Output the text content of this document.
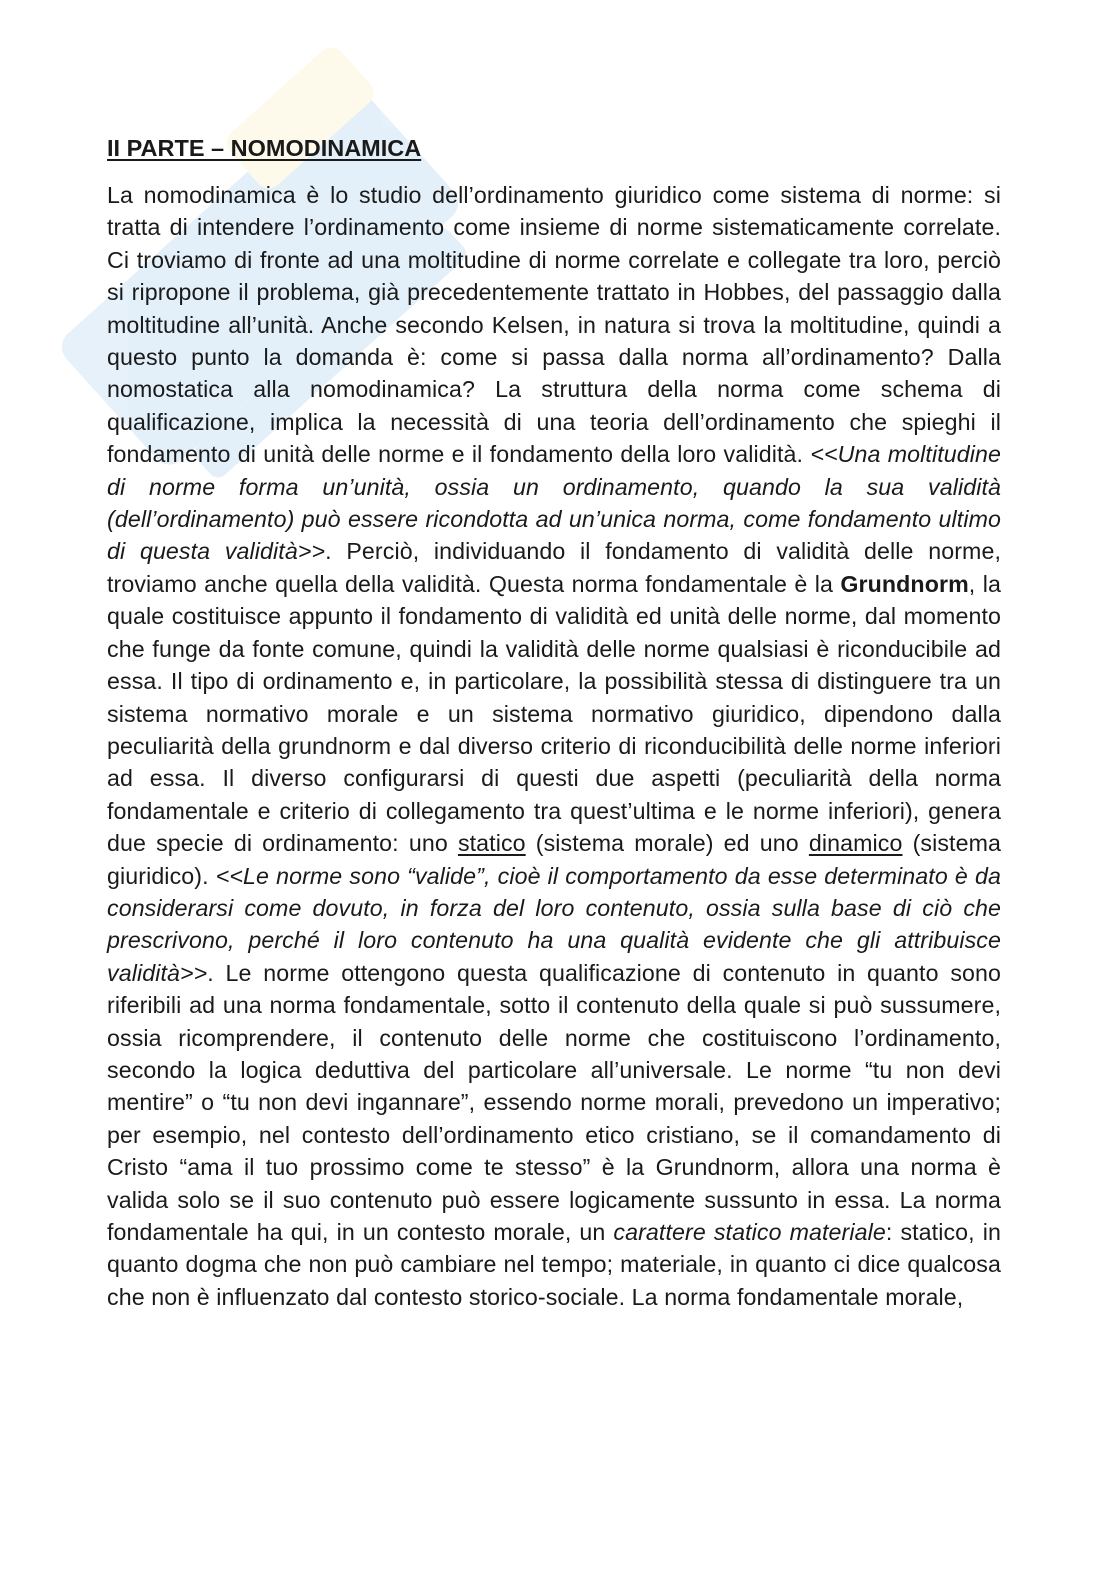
II PARTE – NOMODINAMICA

La nomodinamica è lo studio dell’ordinamento giuridico come sistema di norme: si tratta di intendere l’ordinamento come insieme di norme sistematicamente correlate. Ci troviamo di fronte ad una moltitudine di norme correlate e collegate tra loro, perciò si ripropone il problema, già precedentemente trattato in Hobbes, del passaggio dalla moltitudine all’unità. Anche secondo Kelsen, in natura si trova la moltitudine, quindi a questo punto la domanda è: come si passa dalla norma all’ordinamento? Dalla nomostatica alla nomodinamica? La struttura della norma come schema di qualificazione, implica la necessità di una teoria dell’ordinamento che spieghi il fondamento di unità delle norme e il fondamento della loro validità. <<Una moltitudine di norme forma un’unità, ossia un ordinamento, quando la sua validità (dell’ordinamento) può essere ricondotta ad un’unica norma, come fondamento ultimo di questa validità>>. Perciò, individuando il fondamento di validità delle norme, troviamo anche quella della validità. Questa norma fondamentale è la Grundnorm, la quale costituisce appunto il fondamento di validità ed unità delle norme, dal momento che funge da fonte comune, quindi la validità delle norme qualsiasi è riconducibile ad essa. Il tipo di ordinamento e, in particolare, la possibilità stessa di distinguere tra un sistema normativo morale e un sistema normativo giuridico, dipendono dalla peculiarità della grundnorm e dal diverso criterio di riconducibilità delle norme inferiori ad essa. Il diverso configurarsi di questi due aspetti (peculiarità della norma fondamentale e criterio di collegamento tra quest’ultima e le norme inferiori), genera due specie di ordinamento: uno statico (sistema morale) ed uno dinamico (sistema giuridico). <<Le norme sono “valide”, cioè il comportamento da esse determinato è da considerarsi come dovuto, in forza del loro contenuto, ossia sulla base di ciò che prescrivono, perché il loro contenuto ha una qualità evidente che gli attribuisce validità>>. Le norme ottengono questa qualificazione di contenuto in quanto sono riferibili ad una norma fondamentale, sotto il contenuto della quale si può sussumere, ossia ricomprendere, il contenuto delle norme che costituiscono l’ordinamento, secondo la logica deduttiva del particolare all’universale. Le norme “tu non devi mentire” o “tu non devi ingannare”, essendo norme morali, prevedono un imperativo; per esempio, nel contesto dell’ordinamento etico cristiano, se il comandamento di Cristo “ama il tuo prossimo come te stesso” è la Grundnorm, allora una norma è valida solo se il suo contenuto può essere logicamente sussunto in essa. La norma fondamentale ha qui, in un contesto morale, un carattere statico materiale: statico, in quanto dogma che non può cambiare nel tempo; materiale, in quanto ci dice qualcosa che non è influenzato dal contesto storico-sociale. La norma fondamentale morale,
